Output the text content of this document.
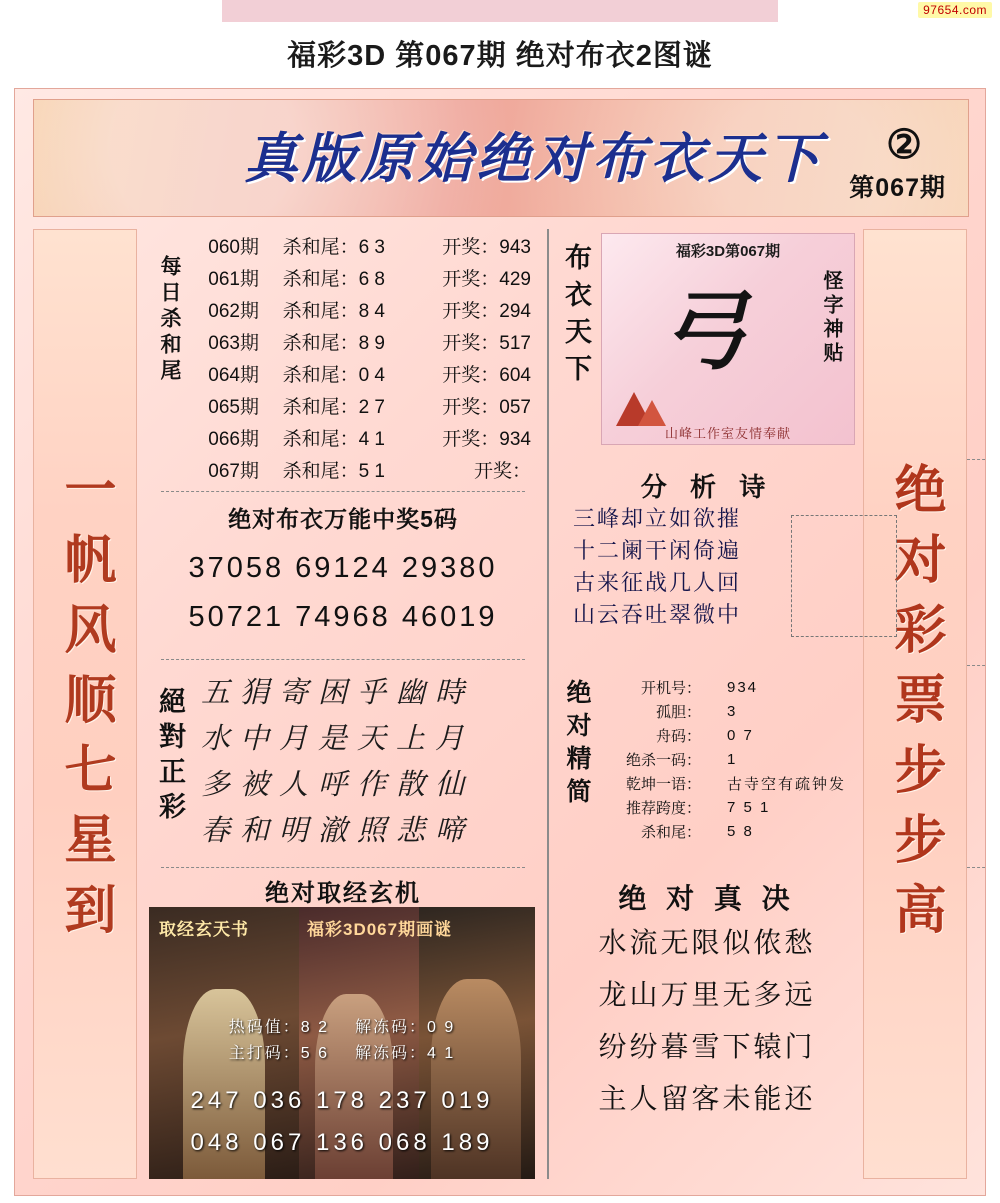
97654.com
福彩3D 第067期 绝对布衣2图谜
真版原始绝对布衣天下	②
第067期
一帆风顺七星到	绝对彩票步步高
每日杀和尾
060期	杀和尾：6 3	开奖：943
061期	杀和尾：6 8	开奖：429
062期	杀和尾：8 4	开奖：294
063期	杀和尾：8 9	开奖：517
064期	杀和尾：0 4	开奖：604
065期	杀和尾：2 7	开奖：057
066期	杀和尾：4 1	开奖：934
067期	杀和尾：5 1	开奖：
绝对布衣万能中奖5码
37058 69124 29380
50721 74968 46019
絕對正彩 五狷寄困乎幽時
水中月是天上月
多被人呼作散仙
春和明澈照悲啼
绝对取经玄机
取经玄天书	福彩3D067期画谜
热码值：8 2 解冻码：0 9
主打码：5 6 解冻码：4 1
247 036 178 237 019
048 067 136 068 189
布衣天下	福彩3D第067期
弓	怪字神贴
山峰工作室友情奉献
分 析 诗
三峰却立如欲摧
十二阑干闲倚遍
古来征战几人回
山云吞吐翠微中
绝对精简	开机号：	934
孤胆：	3
舟码：	0 7
绝杀一码：	1
乾坤一语：	古寺空有疏钟发
推荐跨度：	7 5 1
杀和尾：	5 8
绝 对 真 决
水流无限似侬愁
龙山万里无多远
纷纷暮雪下辕门
主人留客未能还
